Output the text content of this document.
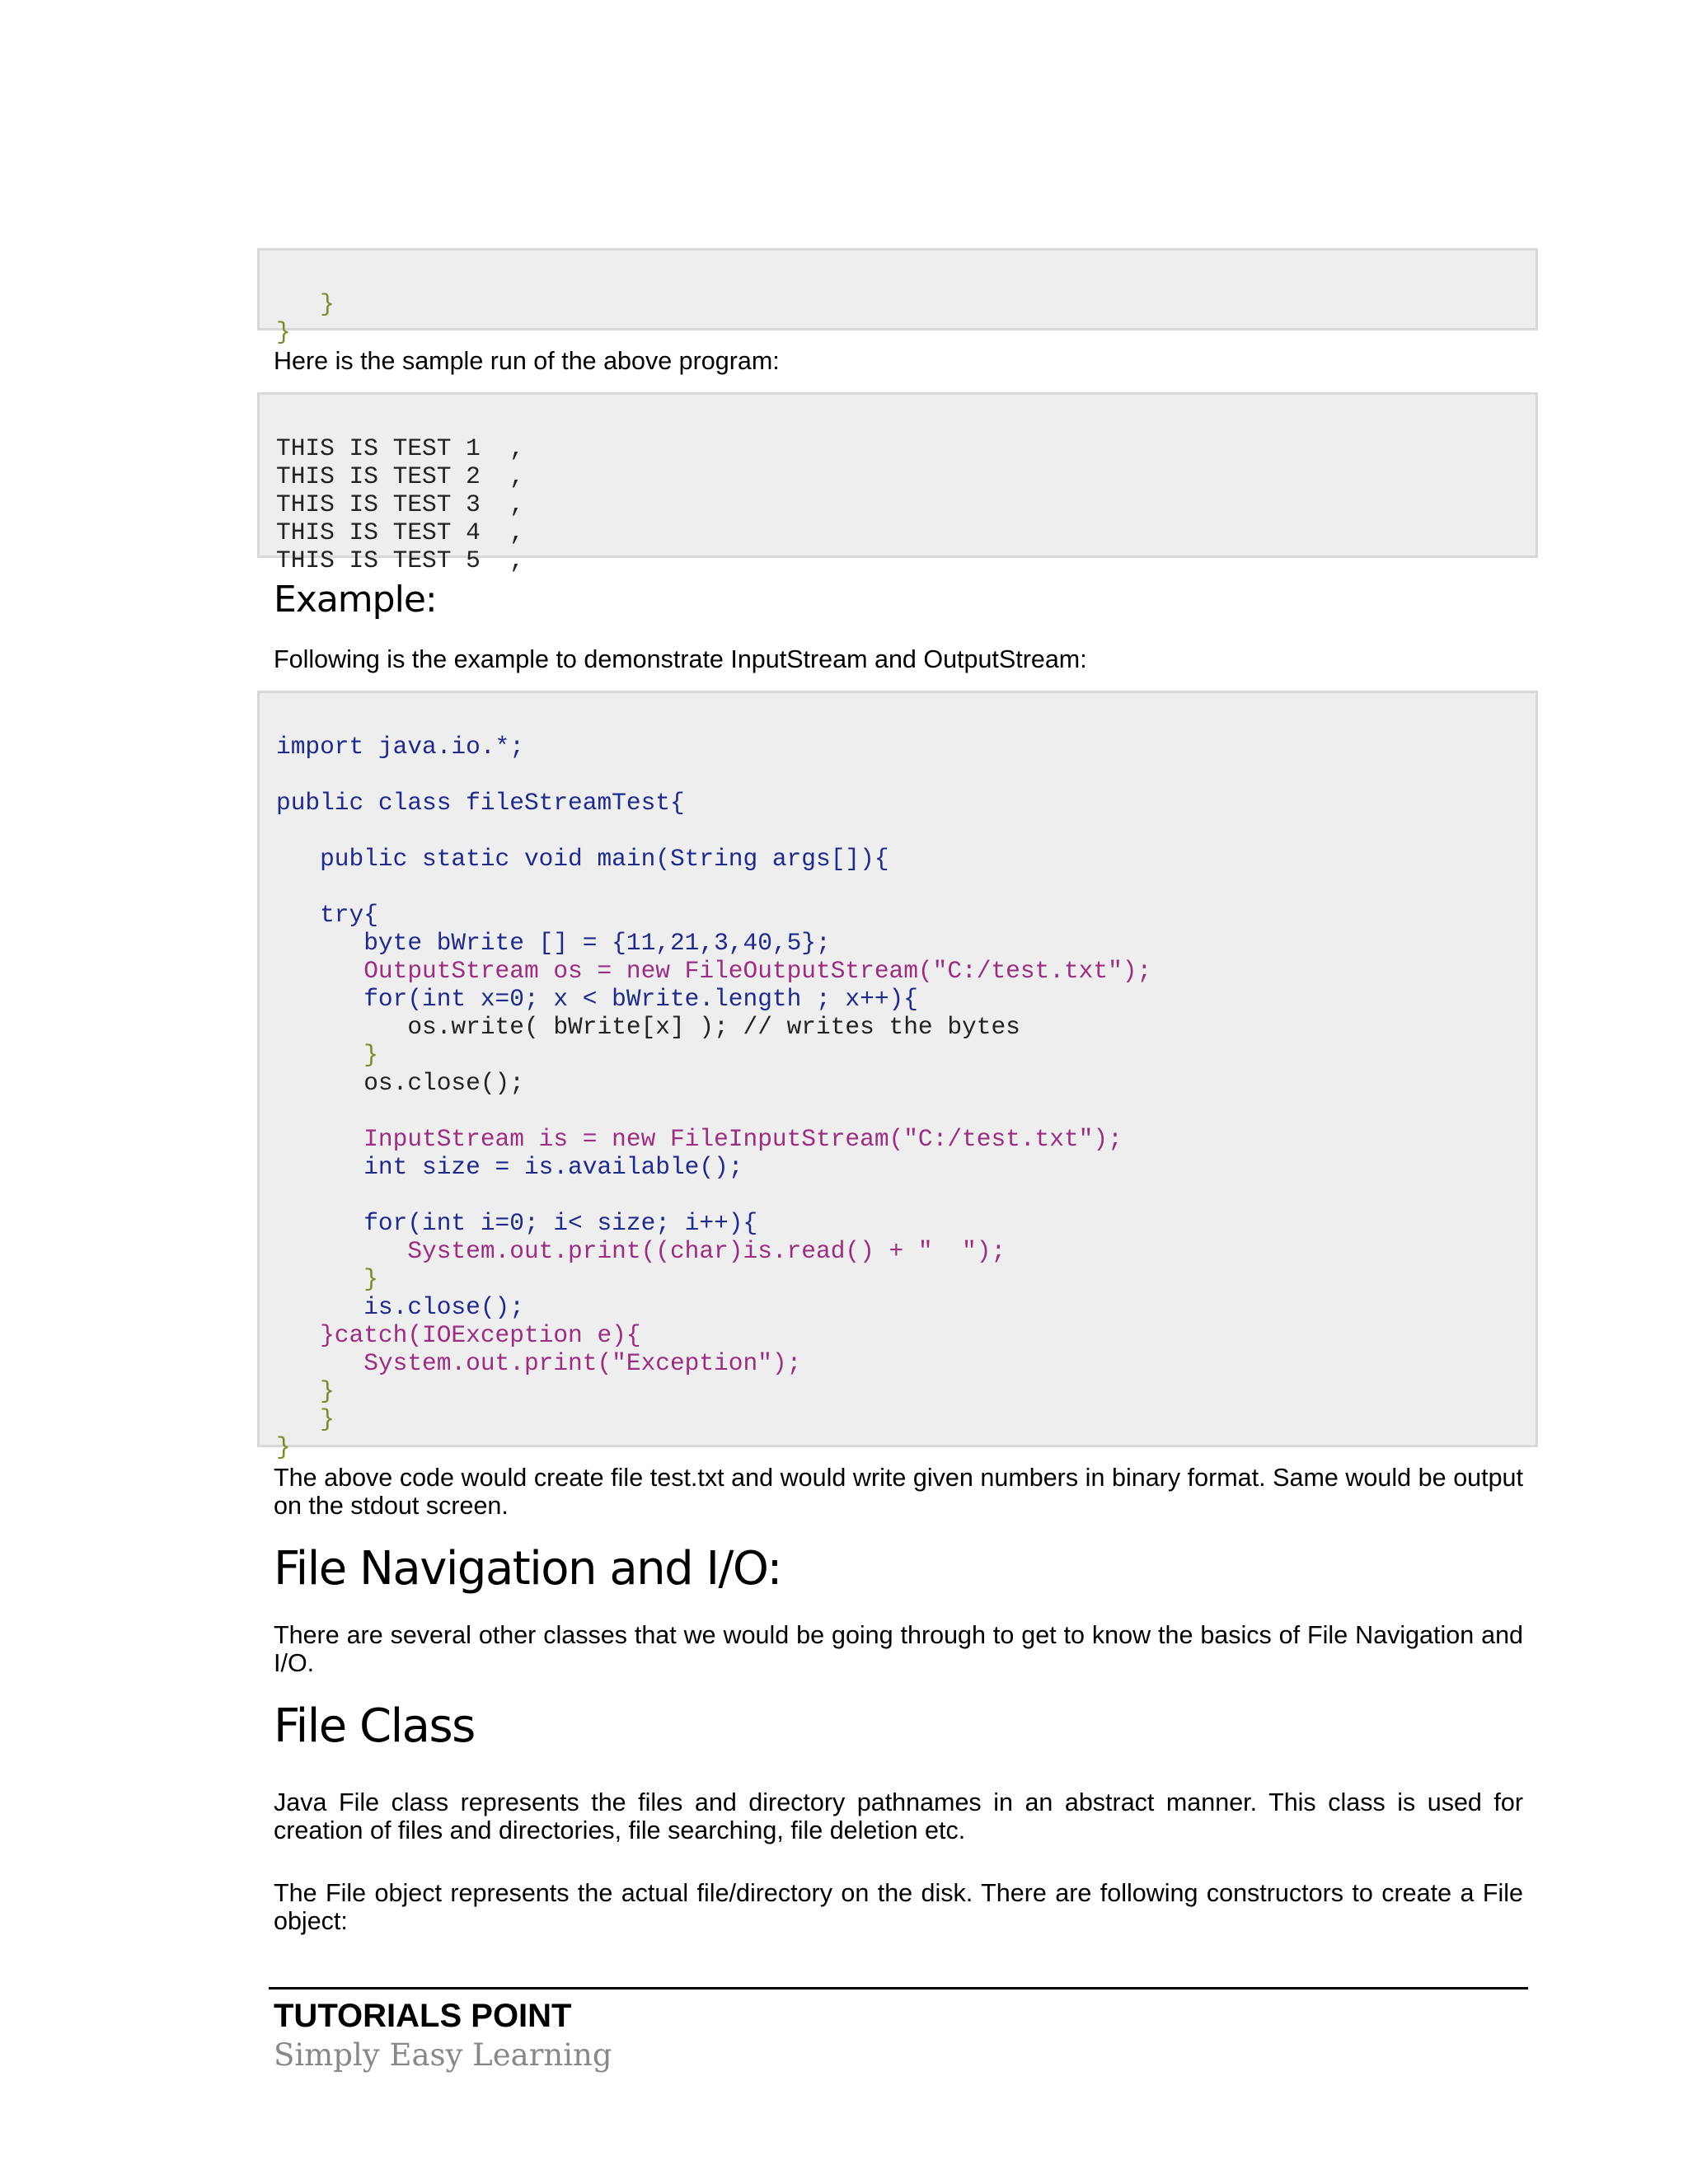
}
}
Here is the sample run of the above program:

THIS IS TEST 1  ,
THIS IS TEST 2  ,
THIS IS TEST 3  ,
THIS IS TEST 4  ,
THIS IS TEST 5  ,
Example:
Following is the example to demonstrate InputStream and OutputStream:

import java.io.*;
public class fileStreamTest{
public static void main(String args[]){
try{
byte bWrite [] = {11,21,3,40,5};
OutputStream os = new FileOutputStream("C:/test.txt");
for(int x=0; x < bWrite.length ; x++){
os.write( bWrite[x] ); // writes the bytes
}
os.close();
InputStream is = new FileInputStream("C:/test.txt");
int size = is.available();
for(int i=0; i< size; i++){
System.out.print((char)is.read() + "  ");
}
is.close();
}catch(IOException e){
System.out.print("Exception");
}
}
}
The above code would create file test.txt and would write given numbers in binary format. Same would be output on the stdout screen.
File Navigation and I/O:
There are several other classes that we would be going through to get to know the basics of File Navigation and I/O.
File Class
Java File class represents the files and directory pathnames in an abstract manner. This class is used for creation of files and directories, file searching, file deletion etc.
The File object represents the actual file/directory on the disk. There are following constructors to create a File object:
TUTORIALS POINT
Simply Easy Learning
